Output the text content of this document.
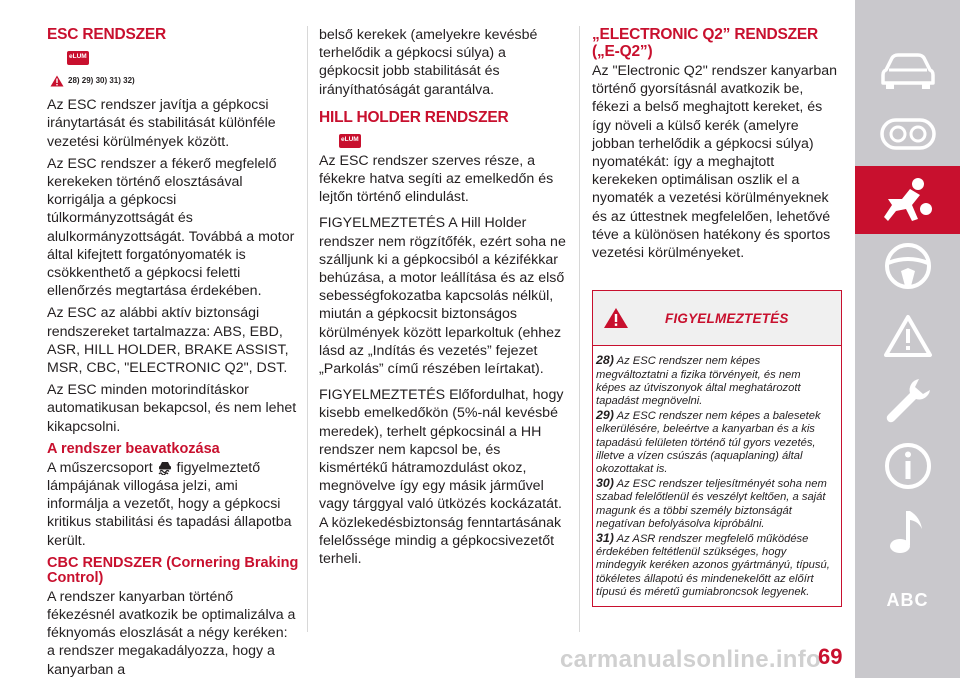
ESC RENDSZER
eLUM
28) 29) 30) 31) 32)

Az ESC rendszer javítja a gépkocsi iránytartását és stabilitását különféle vezetési körülmények között.

Az ESC rendszer a fékerő megfelelő kerekeken történő elosztásával korrigálja a gépkocsi túlkormányzottságát és alulkormányzottságát. Továbbá a motor által kifejtett forgatónyomaték is csökkenthető a gépkocsi feletti ellenőrzés megtartása érdekében.

Az ESC az alábbi aktív biztonsági rendszereket tartalmazza: ABS, EBD, ASR, HILL HOLDER, BRAKE ASSIST, MSR, CBC, "ELECTRONIC Q2", DST.

Az ESC minden motorindításkor automatikusan bekapcsol, és nem lehet kikapcsolni.

A rendszer beavatkozása

A műszercsoport  figyelmeztető lámpájának villogása jelzi, ami informálja a vezetőt, hogy a gépkocsi kritikus stabilitási és tapadási állapotba került.

CBC RENDSZER (Cornering Braking Control)

A rendszer kanyarban történő fékezésnél avatkozik be optimalizálva a féknyomás eloszlását a négy keréken: a rendszer megakadályozza, hogy a kanyarban a

belső kerekek (amelyekre kevésbé terhelődik a gépkocsi súlya) a gépkocsit jobb stabilitását és irányíthatóságát garantálva.

HILL HOLDER RENDSZER
eLUM

Az ESC rendszer szerves része, a fékekre hatva segíti az emelkedőn és lejtőn történő elindulást.

FIGYELMEZTETÉS A Hill Holder rendszer nem rögzítőfék, ezért soha ne szálljunk ki a gépkocsiból a kézifékkar behúzása, a motor leállítása és az első sebességfokozatba kapcsolás nélkül, miután a gépkocsit biztonságos körülmények között leparkoltuk (ehhez lásd az „Indítás és vezetés” fejezet „Parkolás” című részében leírtakat).

FIGYELMEZTETÉS Előfordulhat, hogy kisebb emelkedőkön (5%-nál kevésbé meredek), terhelt gépkocsinál a HH rendszer nem kapcsol be, és kismértékű hátramozdulást okoz, megnövelve így egy másik járművel vagy tárggyal való ütközés kockázatát. A közlekedésbiztonság fenntartásának felelőssége mindig a gépkocsivezetőt terheli.

„ELECTRONIC Q2” RENDSZER („E-Q2”)

Az "Electronic Q2" rendszer kanyarban történő gyorsításnál avatkozik be, fékezi a belső meghajtott kereket, és így növeli a külső kerék (amelyre jobban terhelődik a gépkocsi súlya) nyomatékát: így a meghajtott kerekeken optimálisan oszlik el a nyomaték a vezetési körülményeknek és az úttestnek megfelelően, lehetővé téve a különösen hatékony és sportos vezetési körülményeket.

FIGYELMEZTETÉS

28) Az ESC rendszer nem képes megváltoztatni a fizika törvényeit, és nem képes az útviszonyok által meghatározott tapadást megnövelni.

29) Az ESC rendszer nem képes a balesetek elkerülésére, beleértve a kanyarban és a kis tapadású felületen történő túl gyors vezetés, illetve a vízen csúszás (aquaplaning) által okozottakat is.

30) Az ESC rendszer teljesítményét soha nem szabad felelőtlenül és veszélyt keltően, a saját magunk és a többi személy biztonságát negatívan befolyásolva kipróbálni.

31) Az ASR rendszer megfelelő működése érdekében feltétlenül szükséges, hogy mindegyik keréken azonos gyártmányú, típusú, tökéletes állapotú és mindenekelőtt az előírt típusú és méretű gumiabroncsok legyenek.	ABC
carmanualsonline.info
69
